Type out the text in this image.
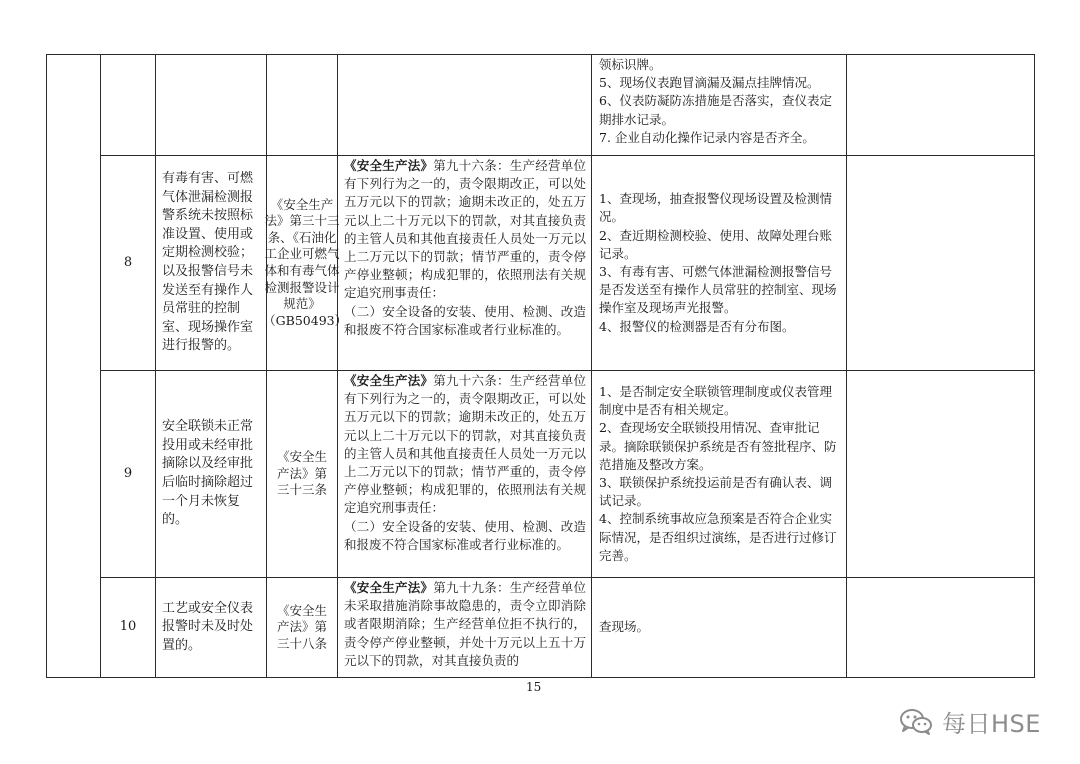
领标识牌。

5、现场仪表跑冒滴漏及漏点挂牌情况。

6、仪表防凝防冻措施是否落实，查仪表定期排水记录。

7. 企业自动化操作记录内容是否齐全。

8
有毒有害、可燃气体泄漏检测报警系统未按照标准设置、使用或定期检测校验；以及报警信号未发送至有操作人员常驻的控制室、现场操作室进行报警的。
《安全生产法》第三十三条、《石油化工企业可燃气体和有毒气体检测报警设计规范》（GB50493）

《安全生产法》第九十六条：生产经营单位有下列行为之一的，责令限期改正，可以处五万元以下的罚款；逾期未改正的，处五万元以上二十万元以下的罚款，对其直接负责的主管人员和其他直接责任人员处一万元以上二万元以下的罚款；情节严重的，责令停产停业整顿；构成犯罪的，依照刑法有关规定追究刑事责任：

（二）安全设备的安装、使用、检测、改造和报废不符合国家标准或者行业标准的。

1、查现场，抽查报警仪现场设置及检测情况。

2、查近期检测校验、使用、故障处理台账记录。

3、有毒有害、可燃气体泄漏检测报警信号是否发送至有操作人员常驻的控制室、现场操作室及现场声光报警。

4、报警仪的检测器是否有分布图。

9
安全联锁未正常投用或未经审批摘除以及经审批后临时摘除超过一个月未恢复的。
《安全生产法》第三十三条

《安全生产法》第九十六条：生产经营单位有下列行为之一的，责令限期改正，可以处五万元以下的罚款；逾期未改正的，处五万元以上二十万元以下的罚款，对其直接负责的主管人员和其他直接责任人员处一万元以上二万元以下的罚款；情节严重的，责令停产停业整顿；构成犯罪的，依照刑法有关规定追究刑事责任：

（二）安全设备的安装、使用、检测、改造和报废不符合国家标准或者行业标准的。

1、是否制定安全联锁管理制度或仪表管理制度中是否有相关规定。

2、查现场安全联锁投用情况、查审批记录。摘除联锁保护系统是否有签批程序、防范措施及整改方案。

3、联锁保护系统投运前是否有确认表、调试记录。

4、控制系统事故应急预案是否符合企业实际情况，是否组织过演练，是否进行过修订完善。

10
工艺或安全仪表报警时未及时处置的。
《安全生产法》第三十八条

《安全生产法》第九十九条：生产经营单位未采取措施消除事故隐患的，责令立即消除或者限期消除；生产经营单位拒不执行的，责令停产停业整顿，并处十万元以上五十万元以下的罚款，对其直接负责的

查现场。

15
每日HSE
